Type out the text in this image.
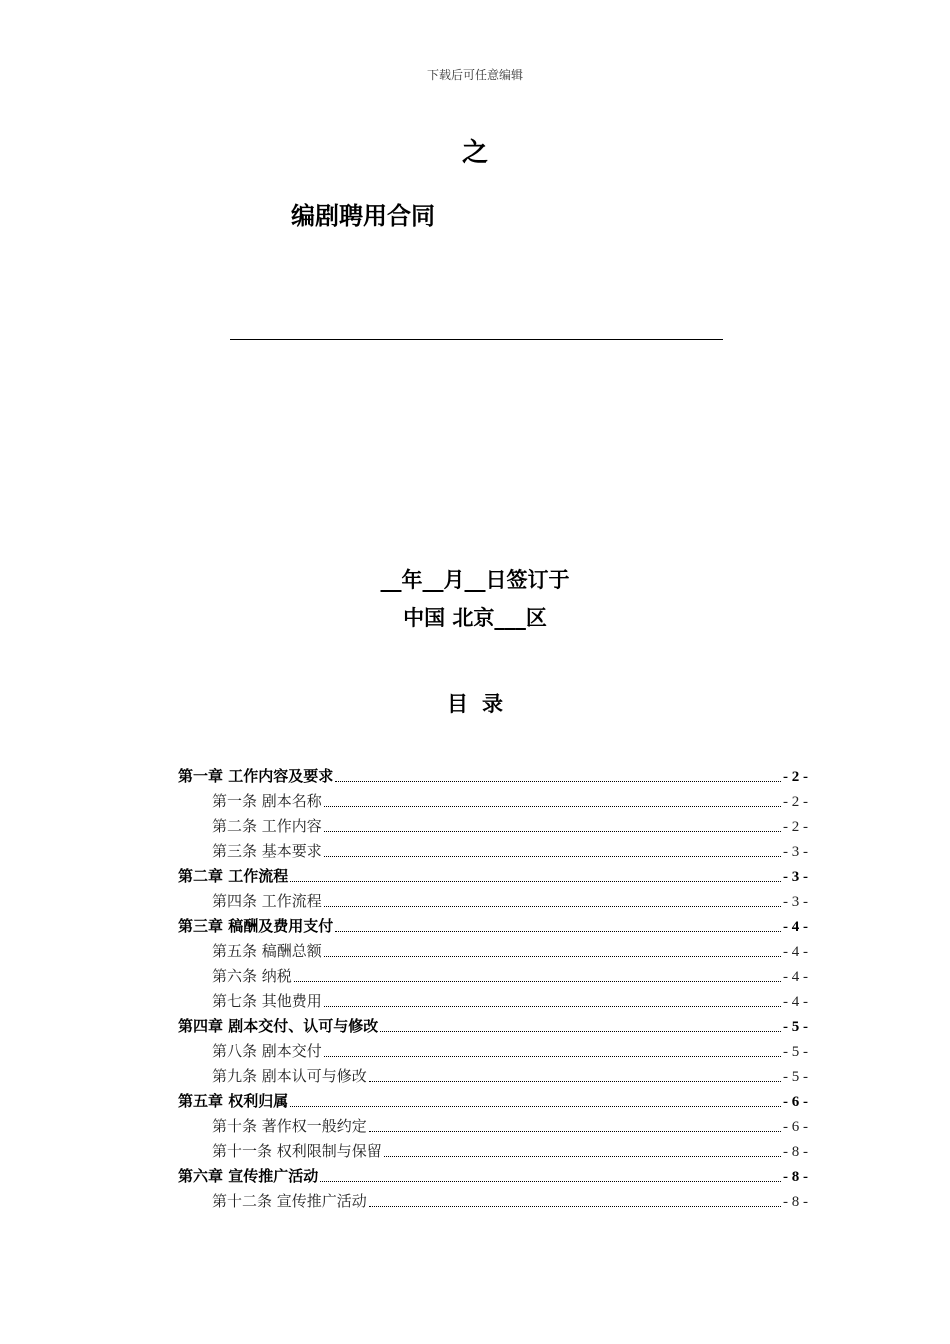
下载后可任意编辑
之
编剧聘用合同
__年__月__日签订于
中国 北京___区
目录
第一章 工作内容及要求	- 2 -
第一条 剧本名称	- 2 -
第二条 工作内容	- 2 -
第三条 基本要求	- 3 -
第二章 工作流程	- 3 -
第四条 工作流程	- 3 -
第三章 稿酬及费用支付	- 4 -
第五条 稿酬总额	- 4 -
第六条 纳税	- 4 -
第七条 其他费用	- 4 -
第四章 剧本交付、认可与修改	- 5 -
第八条 剧本交付	- 5 -
第九条 剧本认可与修改	- 5 -
第五章 权利归属	- 6 -
第十条 著作权一般约定	- 6 -
第十一条 权利限制与保留	- 8 -
第六章 宣传推广活动	- 8 -
第十二条 宣传推广活动	- 8 -
